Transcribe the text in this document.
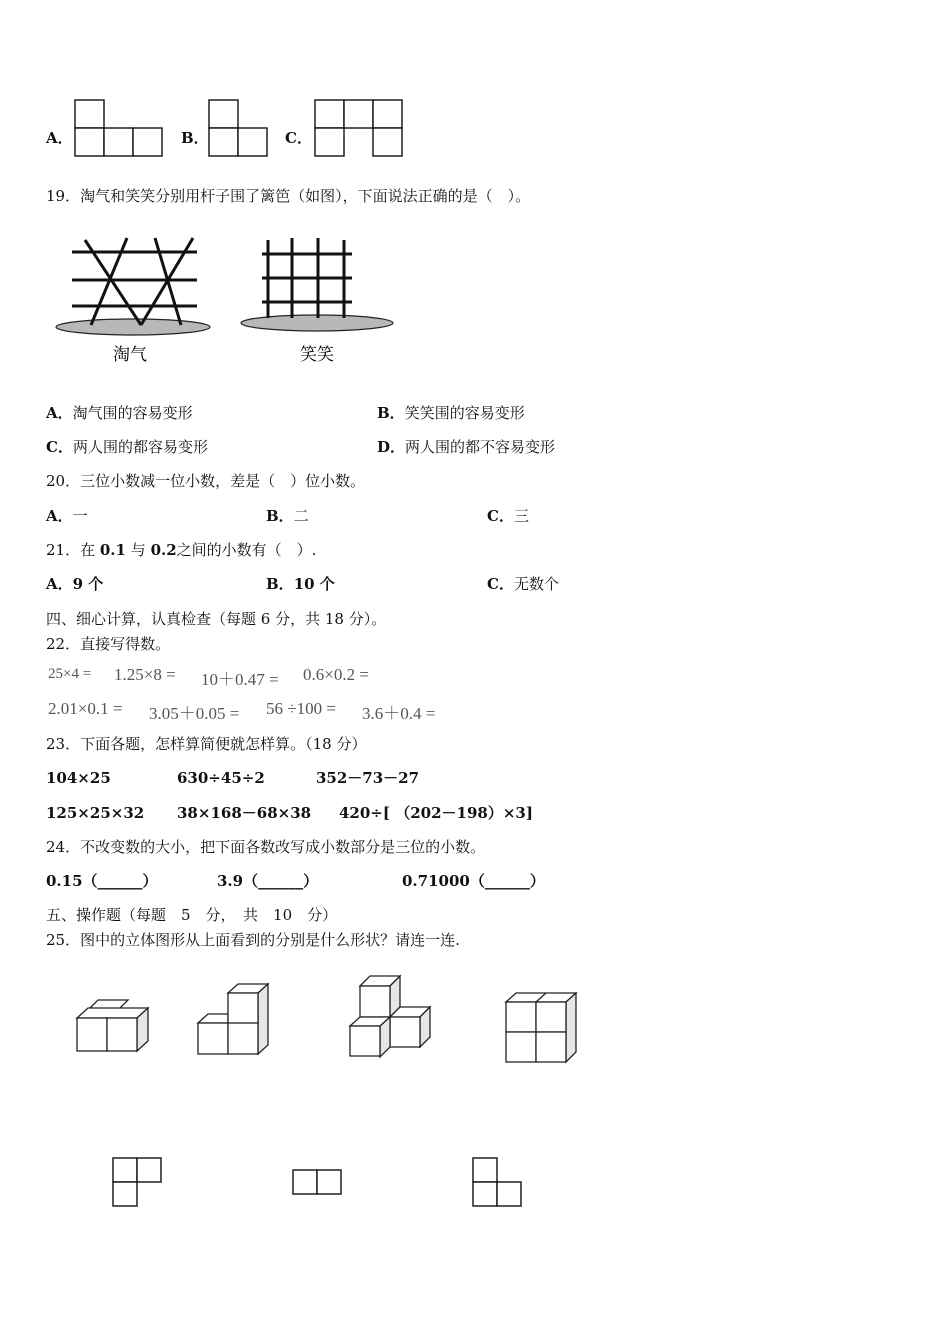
A．	B．	C．
19．淘气和笑笑分别用杆子围了篱笆（如图），下面说法正确的是（　）。
淘气	笑笑
A．淘气围的容易变形	B．笑笑围的容易变形
C．两人围的都容易变形	D．两人围的都不容易变形
20．三位小数减一位小数，差是（　）位小数。
A．一	B．二	C．三
21．在 0.1 与 0.2之间的小数有（　）.
A．9 个	B．10 个	C．无数个
四、细心计算，认真检查（每题 6 分，共 18 分）。
22．直接写得数。
25×4 = 1.25×8 = 10＋0.47 = 0.6×0.2 =
2.01×0.1 = 3.05＋0.05 = 56 ÷100 = 3.6＋0.4 =
23．下面各题，怎样算简便就怎样算。（18 分）
104×25	630÷45÷2	352－73－27
125×25×32 38×168－68×38 420÷[ （202－198）×3]
24．不改变数的大小，把下面各数改写成小数部分是三位的小数。
0.15（______）	3.9（______）	0.71000（______）
五、操作题（每题　5　分，　共　10　分）
25．图中的立体图形从上面看到的分别是什么形状？请连一连.
